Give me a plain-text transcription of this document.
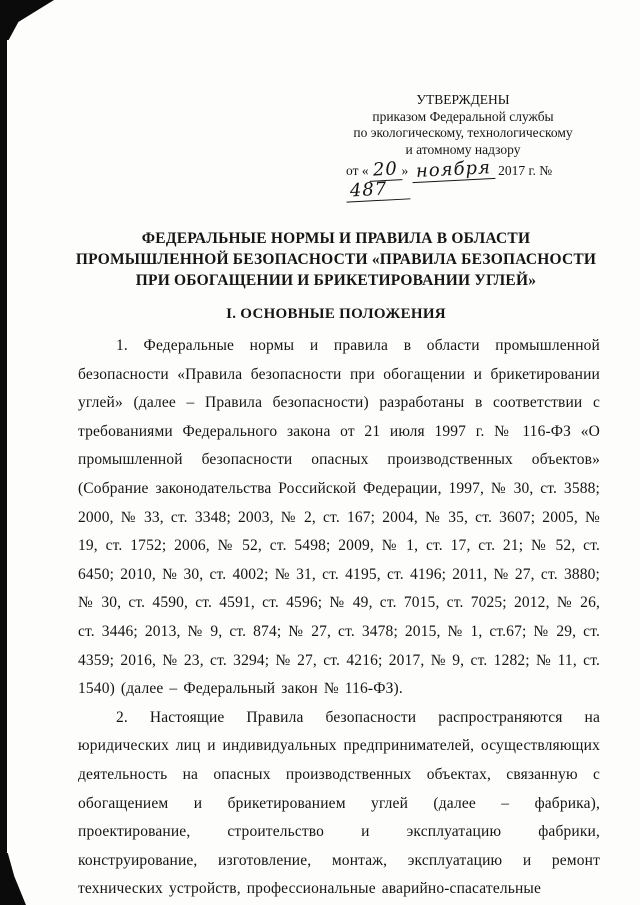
УТВЕРЖДЕНЫ
приказом Федеральной службы
по экологическому, технологическому
и атомному надзору
от « 20 » ноября 2017 г. № 487
ФЕДЕРАЛЬНЫЕ НОРМЫ И ПРАВИЛА В ОБЛАСТИ ПРОМЫШЛЕННОЙ БЕЗОПАСНОСТИ «ПРАВИЛА БЕЗОПАСНОСТИ ПРИ ОБОГАЩЕНИИ И БРИКЕТИРОВАНИИ УГЛЕЙ»
I. ОСНОВНЫЕ ПОЛОЖЕНИЯ

1. Федеральные нормы и правила в области промышленной безопасности «Правила безопасности при обогащении и брикетировании углей» (далее – Правила безопасности) разработаны в соответствии с требованиями Федерального закона от 21 июля 1997 г. № 116-ФЗ «О промышленной безопасности опасных производственных объектов» (Собрание законодательства Российской Федерации, 1997, № 30, ст. 3588; 2000, № 33, ст. 3348; 2003, № 2, ст. 167; 2004, № 35, ст. 3607; 2005, № 19, ст. 1752; 2006, № 52, ст. 5498; 2009, № 1, ст. 17, ст. 21; № 52, ст. 6450; 2010, № 30, ст. 4002; № 31, ст. 4195, ст. 4196; 2011, № 27, ст. 3880; № 30, ст. 4590, ст. 4591, ст. 4596; № 49, ст. 7015, ст. 7025; 2012, № 26, ст. 3446; 2013, № 9, ст. 874; № 27, ст. 3478; 2015, № 1, ст.67; № 29, ст. 4359; 2016, № 23, ст. 3294; № 27, ст. 4216; 2017, № 9, ст. 1282; № 11, ст. 1540) (далее – Федеральный закон № 116-ФЗ).

2. Настоящие Правила безопасности распространяются на юридических лиц и индивидуальных предпринимателей, осуществляющих деятельность на опасных производственных объектах, связанную с обогащением и брикетированием углей (далее – фабрика), проектирование, строительство и эксплуатацию фабрики, конструирование, изготовление, монтаж, эксплуатацию и ремонт технических устройств, профессиональные аварийно-спасательные
